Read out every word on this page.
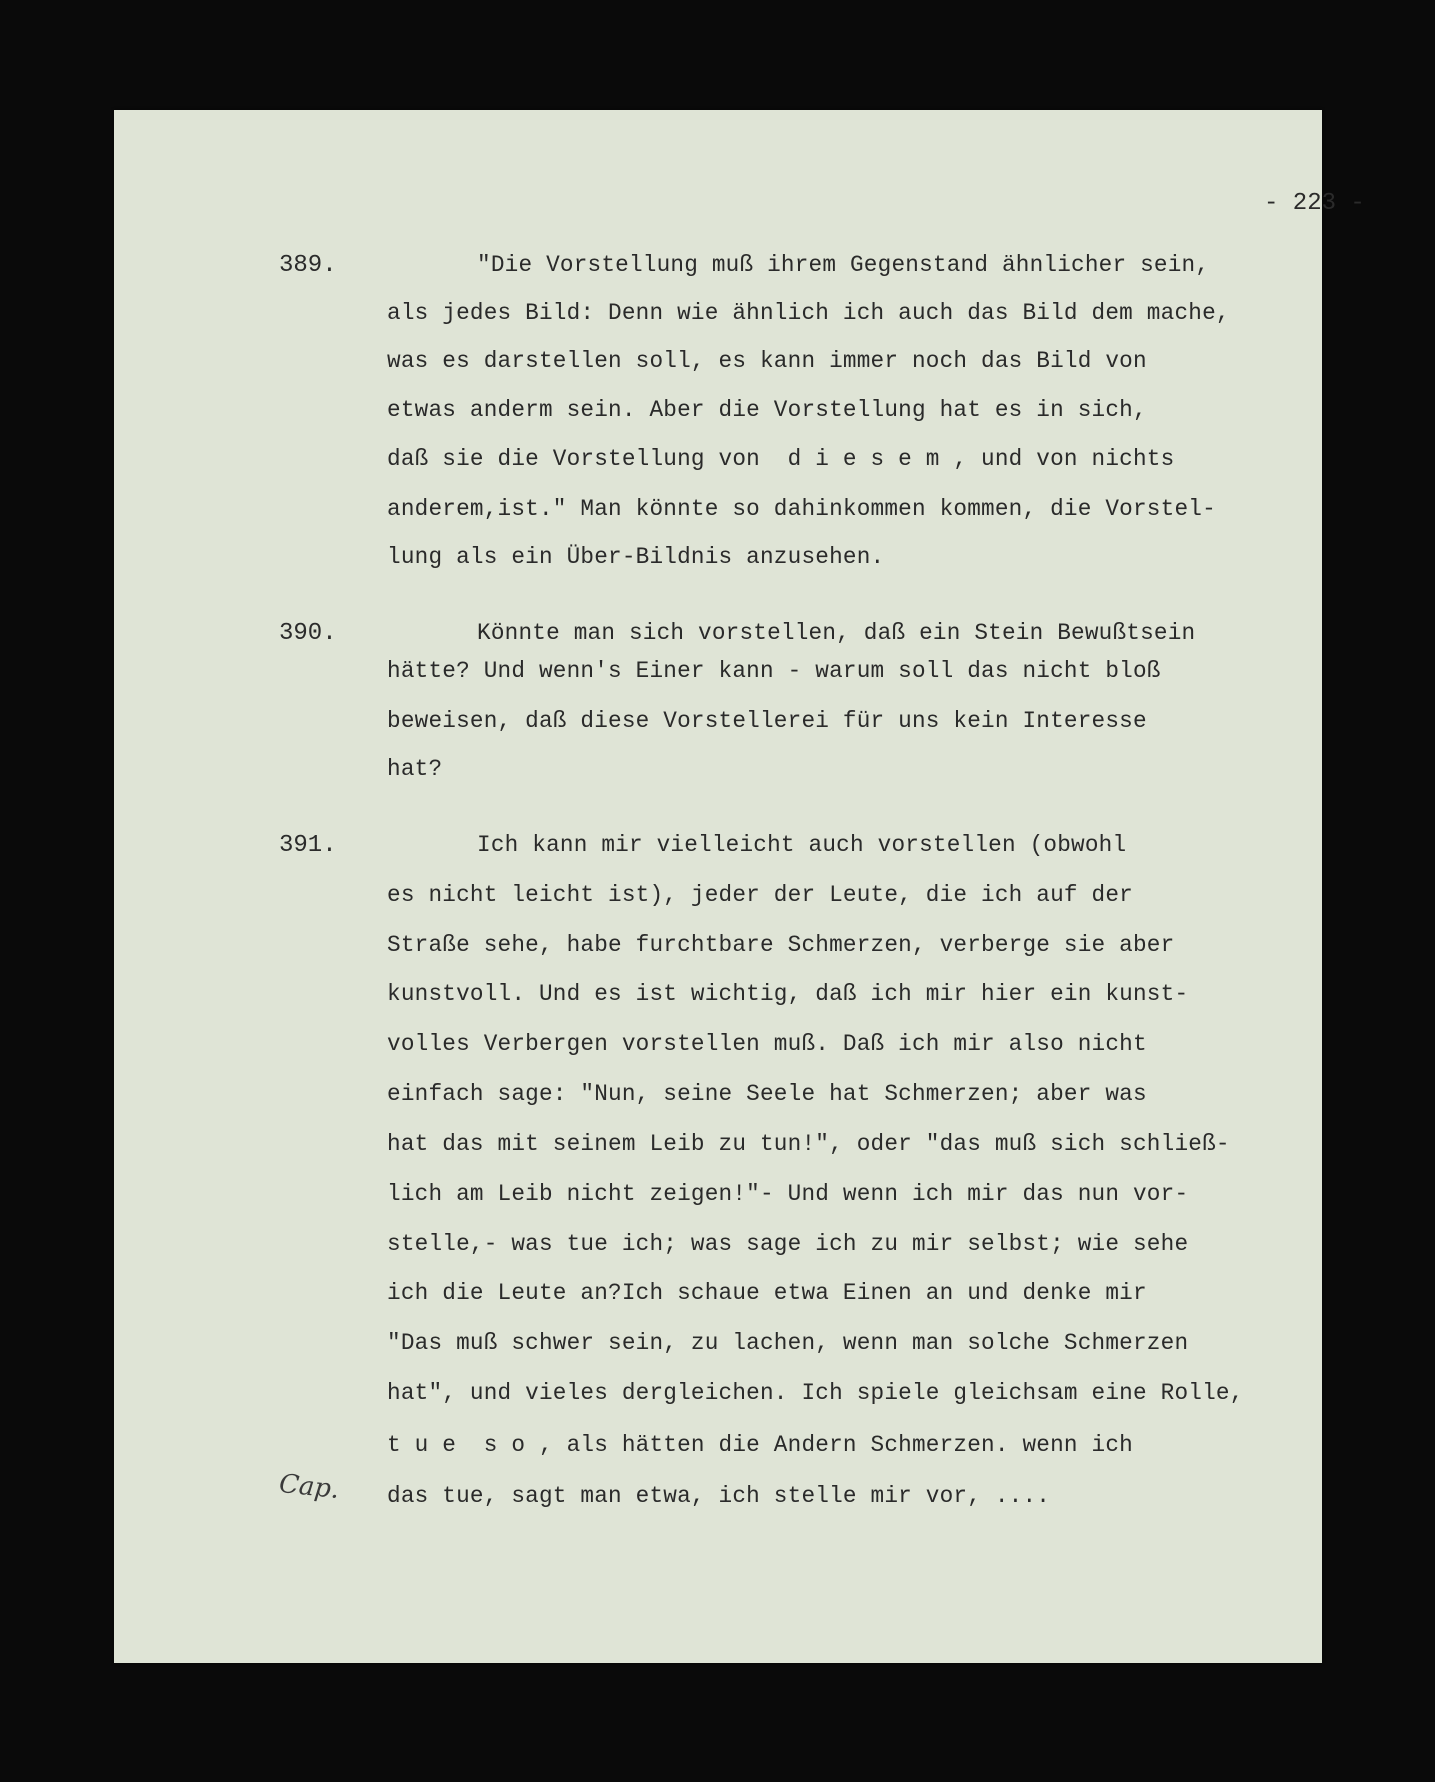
- 223 -
389.	"Die Vorstellung muß ihrem Gegenstand ähnlicher sein,
als jedes Bild: Denn wie ähnlich ich auch das Bild dem mache,
was es darstellen soll, es kann immer noch das Bild von
etwas anderm sein. Aber die Vorstellung hat es in sich,
daß sie die Vorstellung von  d i e s e m , und von nichts
anderem,ist." Man könnte so dahinkommen kommen, die Vorstel-
lung als ein Über-Bildnis anzusehen.
390.	Könnte man sich vorstellen, daß ein Stein Bewußtsein
hätte? Und wenn's Einer kann - warum soll das nicht bloß
beweisen, daß diese Vorstellerei für uns kein Interesse
hat?
391.	Ich kann mir vielleicht auch vorstellen (obwohl
es nicht leicht ist), jeder der Leute, die ich auf der
Straße sehe, habe furchtbare Schmerzen, verberge sie aber
kunstvoll. Und es ist wichtig, daß ich mir hier ein kunst-
volles Verbergen vorstellen muß. Daß ich mir also nicht
einfach sage: "Nun, seine Seele hat Schmerzen; aber was
hat das mit seinem Leib zu tun!", oder "das muß sich schließ-
lich am Leib nicht zeigen!"- Und wenn ich mir das nun vor-
stelle,- was tue ich; was sage ich zu mir selbst; wie sehe
ich die Leute an?Ich schaue etwa Einen an und denke mir
"Das muß schwer sein, zu lachen, wenn man solche Schmerzen
hat", und vieles dergleichen. Ich spiele gleichsam eine Rolle,
t u e  s o , als hätten die Andern Schmerzen. wenn ich
das tue, sagt man etwa, ich stelle mir vor, ....
Cap.
